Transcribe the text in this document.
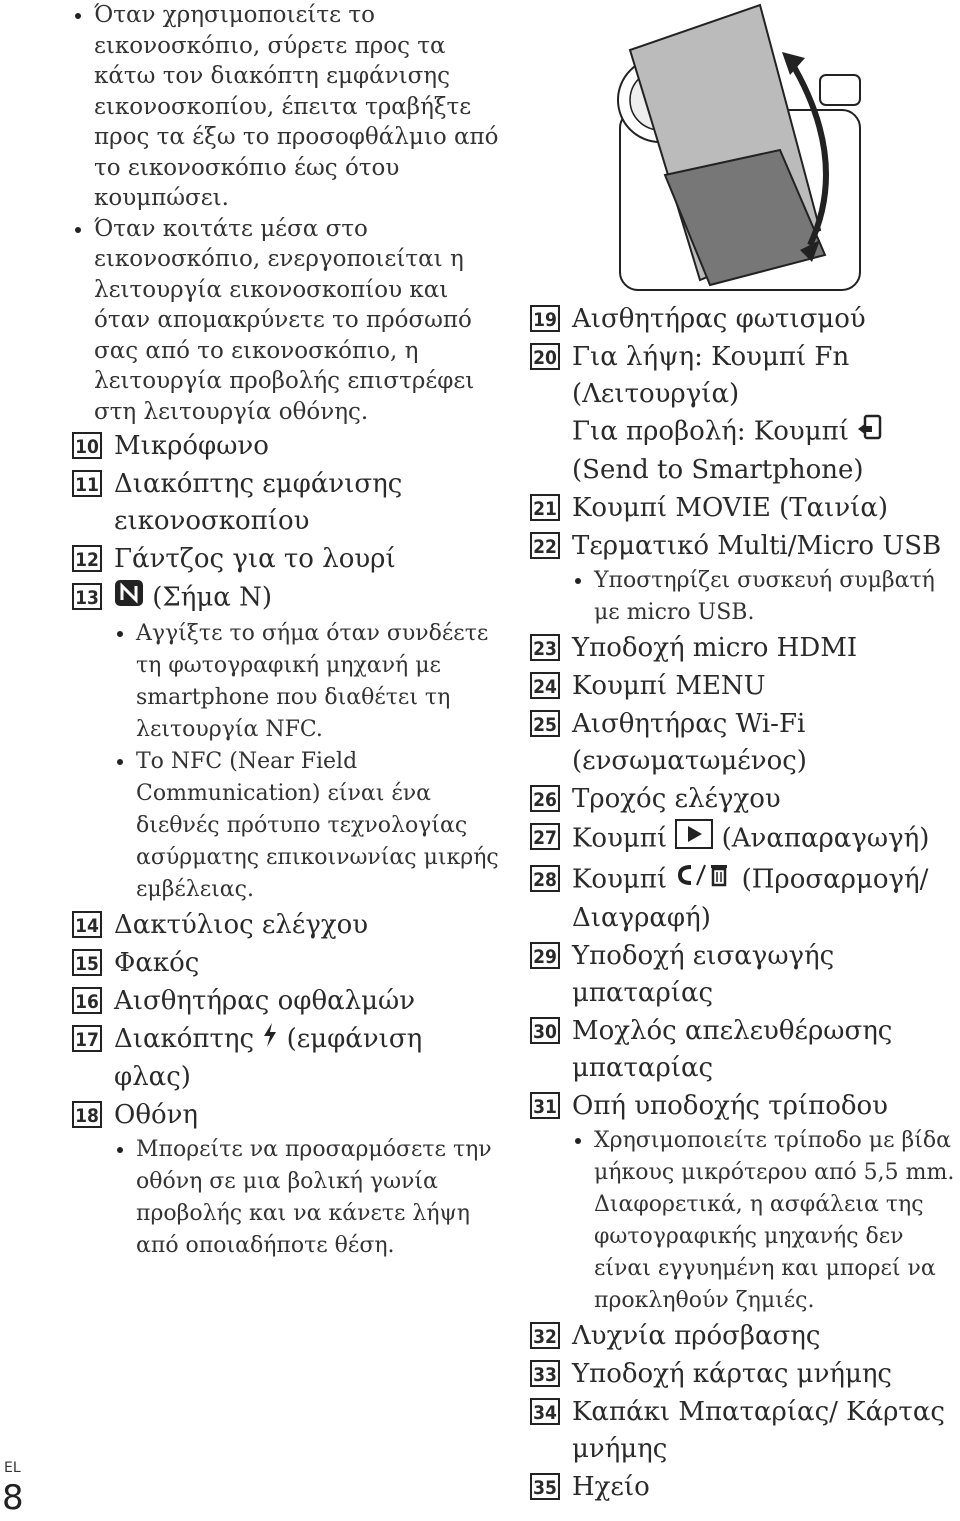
Όταν χρησιμοποιείτε το εικονοσκόπιο, σύρετε προς τα κάτω τον διακόπτη εμφάνισης εικονοσκοπίου, έπειτα τραβήξτε προς τα έξω το προσοφθάλμιο από το εικονοσκόπιο έως ότου κουμπώσει.
Όταν κοιτάτε μέσα στο εικονοσκόπιο, ενεργοποιείται η λειτουργία εικονοσκοπίου και όταν απομακρύνετε το πρόσωπό σας από το εικονοσκόπιο, η λειτουργία προβολής επιστρέφει στη λειτουργία οθόνης.
10 Μικρόφωνο
11 Διακόπτης εμφάνισης εικονοσκοπίου
12 Γάντζος για το λουρί
13	(Σήμα N)
Αγγίξτε το σήμα όταν συνδέετε τη φωτογραφική μηχανή με smartphone που διαθέτει τη λειτουργία NFC.
Το NFC (Near Field Communication) είναι ένα διεθνές πρότυπο τεχνολογίας ασύρματης επικοινωνίας μικρής εμβέλειας.
14 Δακτύλιος ελέγχου
15 Φακός
16 Αισθητήρας οφθαλμών
17 Διακόπτης (εμφάνιση φλας)
18 Οθόνη
Μπορείτε να προσαρμόσετε την οθόνη σε μια βολική γωνία προβολής και να κάνετε λήψη από οποιαδήποτε θέση.
19 Αισθητήρας φωτισμού
20 Για λήψη: Κουμπί Fn
(Λειτουργία)
Για προβολή: Κουμπί
(Send to Smartphone)
21 Κουμπί MOVIE (Ταινία)
22 Τερματικό Multi/Micro USB
Υποστηρίζει συσκευή συμβατή με micro USB.
23 Υποδοχή micro HDMI
24 Κουμπί MENU
25 Αισθητήρας Wi-Fi (ενσωματωμένος)
26 Τροχός ελέγχου
27 Κουμπί (Αναπαραγωγή)
28 Κουμπί	(Προσαρμογή/ Διαγραφή)
29 Υποδοχή εισαγωγής μπαταρίας
30 Μοχλός απελευθέρωσης μπαταρίας
31 Οπή υποδοχής τρίποδου
Χρησιμοποιείτε τρίποδο με βίδα μήκους μικρότερου από 5,5 mm. Διαφορετικά, η ασφάλεια της φωτογραφικής μηχανής δεν είναι εγγυημένη και μπορεί να προκληθούν ζημιές.
32 Λυχνία πρόσβασης
33 Υποδοχή κάρτας μνήμης
34 Καπάκι Μπαταρίας/ Κάρτας μνήμης
35 Ηχείο
EL
8
